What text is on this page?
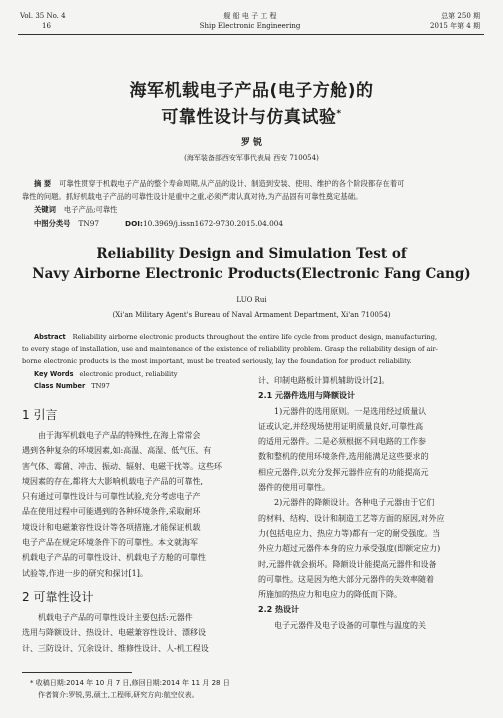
Vol. 35 No. 4
16
舰 船 电 子 工 程
Ship Electronic Engineering
总第 250 期
2015 年第 4 期
海军机载电子产品(电子方舱)的
可靠性设计与仿真试验*
罗 锐
(海军装备部西安军事代表局 西安 710054)
摘 要 可靠性贯穿于机载电子产品的整个寿命周期,从产品的设计、制造到安装、使用、维护的各个阶段都存在着可
靠性的问题。抓好机载电子产品的可靠性设计是重中之重,必须严肃认真对待,为产品固有可靠性奠定基础。
关键词 电子产品;可靠性
中图分类号 TN97	DOI:10.3969/j.issn1672-9730.2015.04.004
Reliability Design and Simulation Test of
Navy Airborne Electronic Products(Electronic Fang Cang)
LUO Rui
(Xi'an Military Agent's Bureau of Naval Armament Department, Xi'an 710054)
Abstract Reliability airborne electronic products throughout the entire life cycle from product design, manufacturing,
to every stage of installation, use and maintenance of the existence of reliability problem. Grasp the reliability design of air-
borne electronic products is the most important, must be treated seriously, lay the foundation for product reliability.
Key Words electronic product, reliability
Class Number TN97
1 引言

由于海军机载电子产品的特殊性,在海上常常会

遇到各种复杂的环境因素,如:高温、高湿、低气压、有

害气体、霉菌、冲击、振动、辐射、电磁干扰等。这些环

境因素的存在,都将大大影响机载电子产品的可靠性,

只有通过可靠性设计与可靠性试验,充分考虑电子产

品在使用过程中可能遇到的各种环境条件,采取耐环

境设计和电磁兼容性设计等各项措施,才能保证机载

电子产品在规定环境条件下的可靠性。本文就海军

机载电子产品的可靠性设计、机载电子方舱的可靠性

试验等,作进一步的研究和探讨[1]。

2 可靠性设计

机载电子产品的可靠性设计主要包括:元器件

选用与降额设计、热设计、电磁兼容性设计、漂移设

计、三防设计、冗余设计、维修性设计、人-机工程设

计、印制电路板计算机辅助设计[2]。

2.1 元器件选用与降额设计

1)元器件的选用原则。一是选用经过质量认

证或认定,并经现场使用证明质量良好,可靠性高

的适用元器件。二是必须根据不同电路的工作参

数和整机的使用环境条件,选用能满足这些要求的

相应元器件,以充分发挥元器件应有的功能提高元

器件的使用可靠性。

2)元器件的降额设计。各种电子元器由于它们

的材料、结构、设计和制造工艺等方面的原因,对外应

力(包括电应力、热应力等)都有一定的耐受强度。当

外应力超过元器件本身的应力承受强度(即额定应力)

时,元器件就会损坏。降额设计能提高元器件和设备

的可靠性。这是因为绝大部分元器件的失效率随着

所施加的热应力和电应力的降低而下降。

2.2 热设计

电子元器件及电子设备的可靠性与温度的关

* 收稿日期:2014 年 10 月 7 日,修回日期:2014 年 11 月 28 日
作者简介:罗锐,男,硕士,工程师,研究方向:航空仪表。
